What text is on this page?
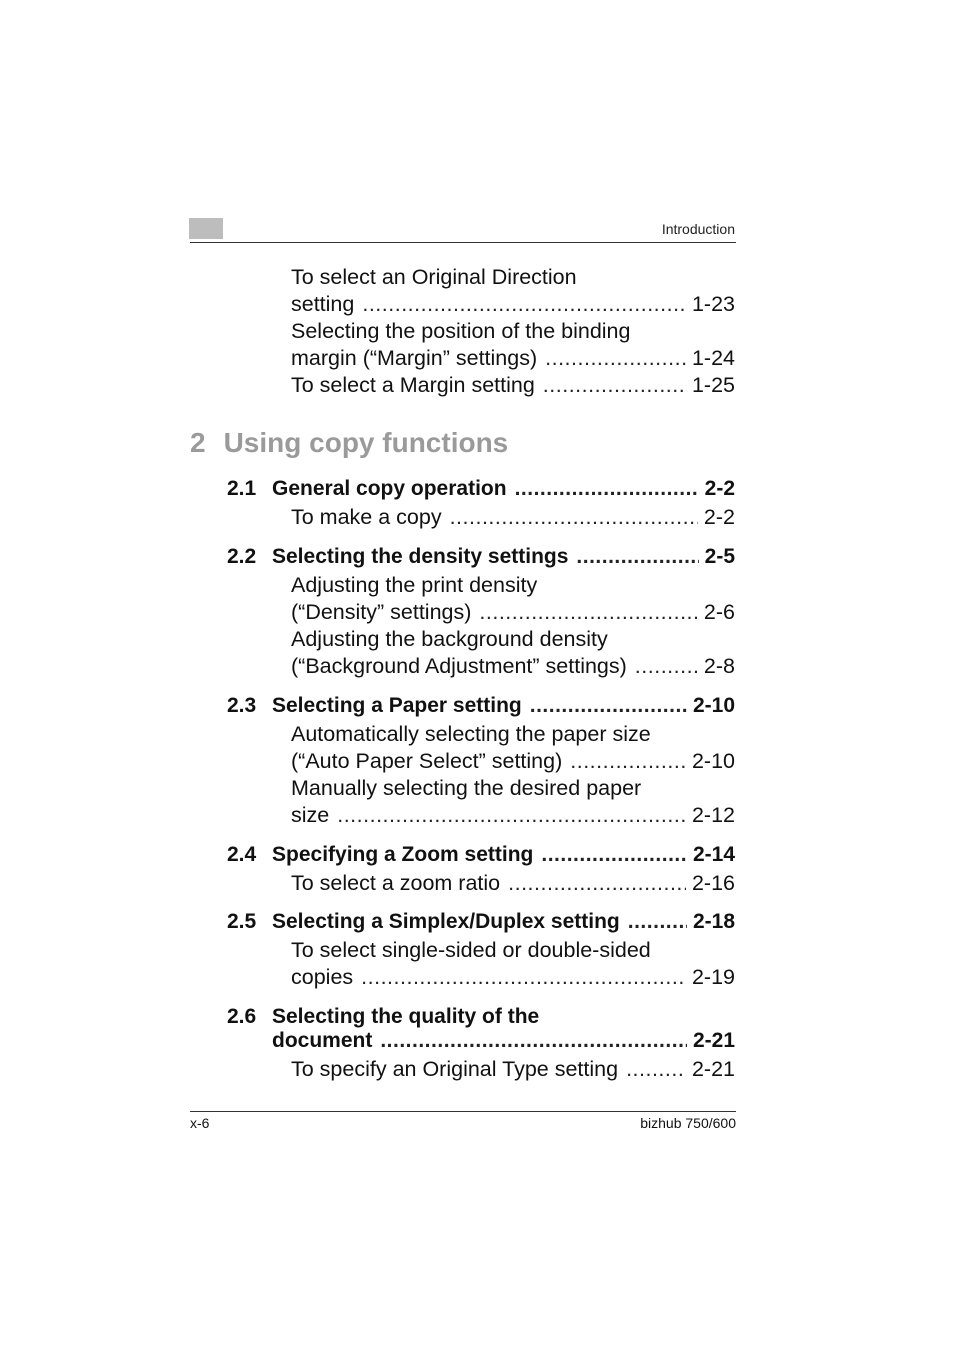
Introduction
To select an Original Direction
setting .....	1-23
Selecting the position of the binding
margin (“Margin” settings) .....	1-24
To select a Margin setting .....	1-25
2 Using copy functions
2.1 General copy operation .....	2-2
To make a copy .....	2-2
2.2 Selecting the density settings .....	2-5
Adjusting the print density
(“Density” settings) .....	2-6
Adjusting the background density
(“Background Adjustment” settings) .....	2-8
2.3 Selecting a Paper setting .....	2-10
Automatically selecting the paper size
(“Auto Paper Select” setting) .....	2-10
Manually selecting the desired paper
size .....	2-12
2.4 Specifying a Zoom setting .....	2-14
To select a zoom ratio .....	2-16
2.5 Selecting a Simplex/Duplex setting .....	2-18
To select single-sided or double-sided
copies .....	2-19
2.6 Selecting the quality of the
document .....	2-21
To specify an Original Type setting .....	2-21
x-6	bizhub 750/600
